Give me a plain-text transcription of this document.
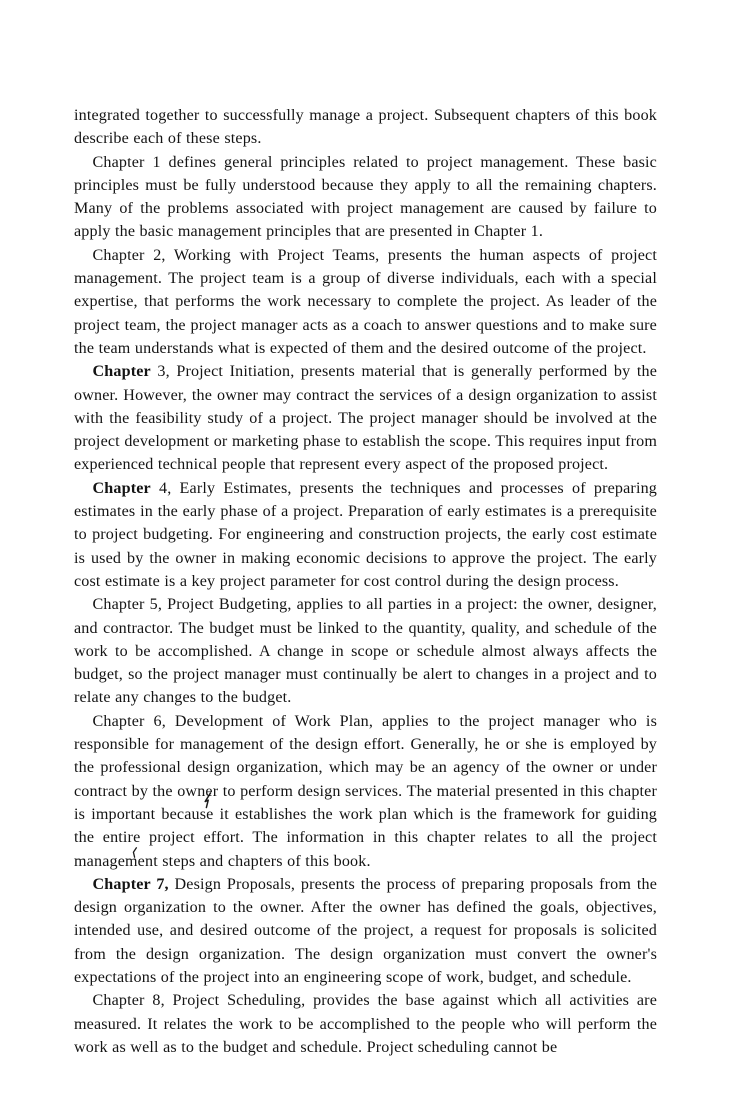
integrated together to successfully manage a project. Subsequent chapters of this book describe each of these steps.

Chapter 1 defines general principles related to project management. These basic principles must be fully understood because they apply to all the remaining chapters. Many of the problems associated with project management are caused by failure to apply the basic management principles that are presented in Chapter 1.

Chapter 2, Working with Project Teams, presents the human aspects of project management. The project team is a group of diverse individuals, each with a special expertise, that performs the work necessary to complete the project. As leader of the project team, the project manager acts as a coach to answer questions and to make sure the team understands what is expected of them and the desired outcome of the project.

Chapter 3, Project Initiation, presents material that is generally performed by the owner. However, the owner may contract the services of a design organization to assist with the feasibility study of a project. The project manager should be involved at the project development or marketing phase to establish the scope. This requires input from experienced technical people that represent every aspect of the proposed project.

Chapter 4, Early Estimates, presents the techniques and processes of preparing estimates in the early phase of a project. Preparation of early estimates is a prerequisite to project budgeting. For engineering and construction projects, the early cost estimate is used by the owner in making economic decisions to approve the project. The early cost estimate is a key project parameter for cost control during the design process.

Chapter 5, Project Budgeting, applies to all parties in a project: the owner, designer, and contractor. The budget must be linked to the quantity, quality, and schedule of the work to be accomplished. A change in scope or schedule almost always affects the budget, so the project manager must continually be alert to changes in a project and to relate any changes to the budget.

Chapter 6, Development of Work Plan, applies to the project manager who is responsible for management of the design effort. Generally, he or she is employed by the professional design organization, which may be an agency of the owner or under contract by the owner to perform design services. The material presented in this chapter is important because it establishes the work plan which is the framework for guiding the entire project effort. The information in this chapter relates to all the project management steps and chapters of this book.

Chapter 7, Design Proposals, presents the process of preparing proposals from the design organization to the owner. After the owner has defined the goals, objectives, intended use, and desired outcome of the project, a request for proposals is solicited from the design organization. The design organization must convert the owner's expectations of the project into an engineering scope of work, budget, and schedule.

Chapter 8, Project Scheduling, provides the base against which all activities are measured. It relates the work to be accomplished to the people who will perform the work as well as to the budget and schedule. Project scheduling cannot be
